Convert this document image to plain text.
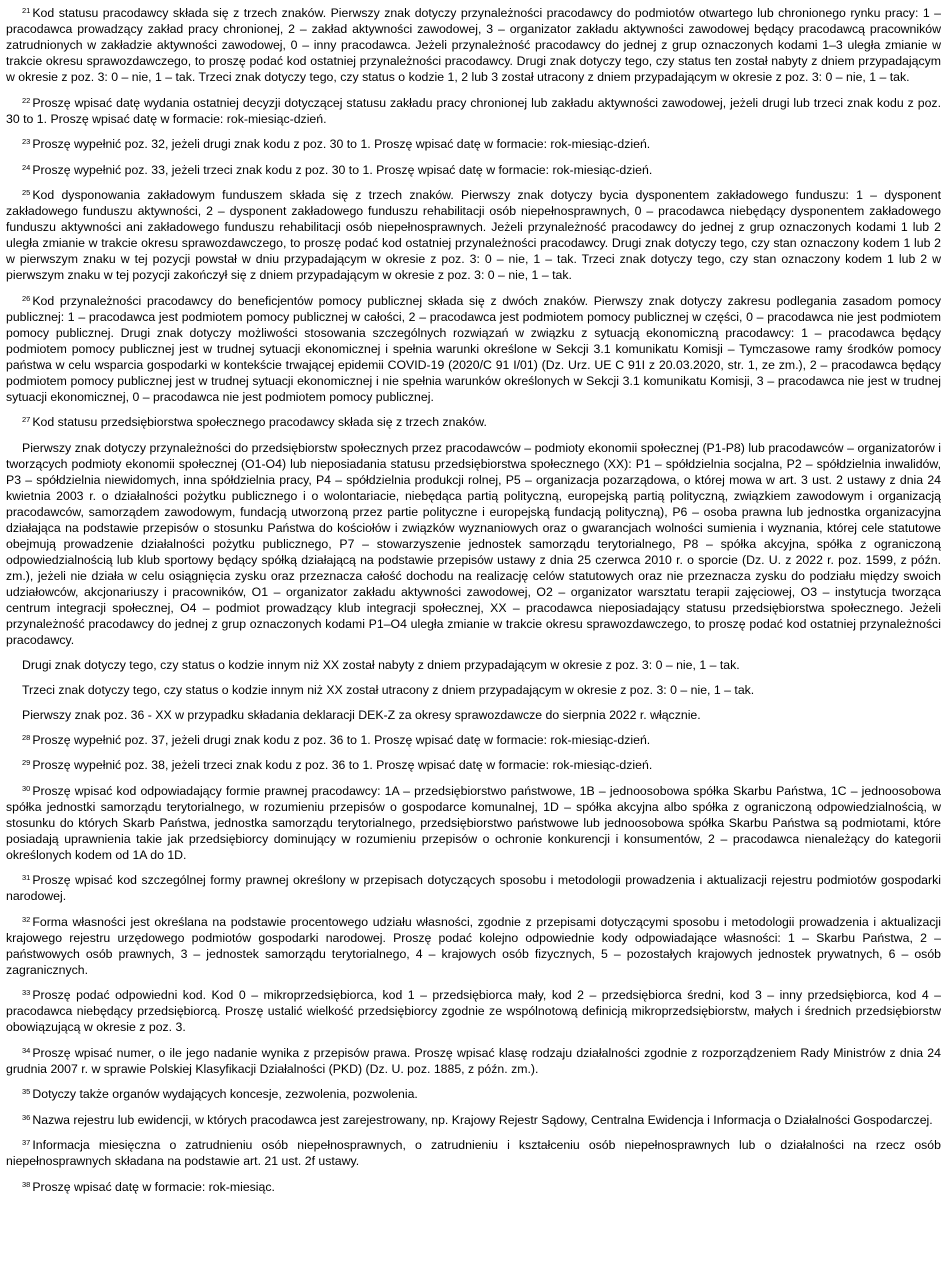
$^{21}$ Kod statusu pracodawcy składa się z trzech znaków. Pierwszy znak dotyczy przynależności pracodawcy do podmiotów otwartego lub chronionego rynku pracy: 1 – pracodawca prowadzący zakład pracy chronionej, 2 – zakład aktywności zawodowej, 3 – organizator zakładu aktywności zawodowej będący pracodawcą pracowników zatrudnionych w zakładzie aktywności zawodowej, 0 – inny pracodawca. Jeżeli przynależność pracodawcy do jednej z grup oznaczonych kodami 1–3 uległa zmianie w trakcie okresu sprawozdawczego, to proszę podać kod ostatniej przynależności pracodawcy. Drugi znak dotyczy tego, czy status ten został nabyty z dniem przypadającym w okresie z poz. 3: 0 – nie, 1 – tak. Trzeci znak dotyczy tego, czy status o kodzie 1, 2 lub 3 został utracony z dniem przypadającym w okresie z poz. 3: 0 – nie, 1 – tak.

$^{22}$ Proszę wpisać datę wydania ostatniej decyzji dotyczącej statusu zakładu pracy chronionej lub zakładu aktywności zawodowej, jeżeli drugi lub trzeci znak kodu z poz. 30 to 1. Proszę wpisać datę w formacie: rok-miesiąc-dzień.

$^{23}$ Proszę wypełnić poz. 32, jeżeli drugi znak kodu z poz. 30 to 1. Proszę wpisać datę w formacie: rok-miesiąc-dzień.

$^{24}$ Proszę wypełnić poz. 33, jeżeli trzeci znak kodu z poz. 30 to 1. Proszę wpisać datę w formacie: rok-miesiąc-dzień.

$^{25}$ Kod dysponowania zakładowym funduszem składa się z trzech znaków. Pierwszy znak dotyczy bycia dysponentem zakładowego funduszu: 1 – dysponent zakładowego funduszu aktywności, 2 – dysponent zakładowego funduszu rehabilitacji osób niepełnosprawnych, 0 – pracodawca niebędący dysponentem zakładowego funduszu aktywności ani zakładowego funduszu rehabilitacji osób niepełnosprawnych. Jeżeli przynależność pracodawcy do jednej z grup oznaczonych kodami 1 lub 2 uległa zmianie w trakcie okresu sprawozdawczego, to proszę podać kod ostatniej przynależności pracodawcy. Drugi znak dotyczy tego, czy stan oznaczony kodem 1 lub 2 w pierwszym znaku w tej pozycji powstał w dniu przypadającym w okresie z poz. 3: 0 – nie, 1 – tak. Trzeci znak dotyczy tego, czy stan oznaczony kodem 1 lub 2 w pierwszym znaku w tej pozycji zakończył się z dniem przypadającym w okresie z poz. 3: 0 – nie, 1 – tak.

$^{26}$ Kod przynależności pracodawcy do beneficjentów pomocy publicznej składa się z dwóch znaków. Pierwszy znak dotyczy zakresu podlegania zasadom pomocy publicznej: 1 – pracodawca jest podmiotem pomocy publicznej w całości, 2 – pracodawca jest podmiotem pomocy publicznej w części, 0 – pracodawca nie jest podmiotem pomocy publicznej. Drugi znak dotyczy możliwości stosowania szczególnych rozwiązań w związku z sytuacją ekonomiczną pracodawcy: 1 – pracodawca będący podmiotem pomocy publicznej jest w trudnej sytuacji ekonomicznej i spełnia warunki określone w Sekcji 3.1 komunikatu Komisji – Tymczasowe ramy środków pomocy państwa w celu wsparcia gospodarki w kontekście trwającej epidemii COVID-19 (2020/C 91 I/01) (Dz. Urz. UE C 91I z 20.03.2020, str. 1, ze zm.), 2 – pracodawca będący podmiotem pomocy publicznej jest w trudnej sytuacji ekonomicznej i nie spełnia warunków określonych w Sekcji 3.1 komunikatu Komisji, 3 – pracodawca nie jest w trudnej sytuacji ekonomicznej, 0 – pracodawca nie jest podmiotem pomocy publicznej.

$^{27}$ Kod statusu przedsiębiorstwa społecznego pracodawcy składa się z trzech znaków.

Pierwszy znak dotyczy przynależności do przedsiębiorstw społecznych przez pracodawców – podmioty ekonomii społecznej (P1-P8) lub pracodawców – organizatorów i tworzących podmioty ekonomii społecznej (O1-O4) lub nieposiadania statusu przedsiębiorstwa społecznego (XX): P1 – spółdzielnia socjalna, P2 – spółdzielnia inwalidów, P3 – spółdzielnia niewidomych, inna spółdzielnia pracy, P4 – spółdzielnia produkcji rolnej, P5 – organizacja pozarządowa, o której mowa w art. 3 ust. 2 ustawy z dnia 24 kwietnia 2003 r. o działalności pożytku publicznego i o wolontariacie, niebędąca partią polityczną, europejską partią polityczną, związkiem zawodowym i organizacją pracodawców, samorządem zawodowym, fundacją utworzoną przez partie polityczne i europejską fundacją polityczną), P6 – osoba prawna lub jednostka organizacyjna działająca na podstawie przepisów o stosunku Państwa do kościołów i związków wyznaniowych oraz o gwarancjach wolności sumienia i wyznania, której cele statutowe obejmują prowadzenie działalności pożytku publicznego, P7 – stowarzyszenie jednostek samorządu terytorialnego, P8 – spółka akcyjna, spółka z ograniczoną odpowiedzialnością lub klub sportowy będący spółką działającą na podstawie przepisów ustawy z dnia 25 czerwca 2010 r. o sporcie (Dz. U. z 2022 r. poz. 1599, z późn. zm.), jeżeli nie działa w celu osiągnięcia zysku oraz przeznacza całość dochodu na realizację celów statutowych oraz nie przeznacza zysku do podziału między swoich udziałowców, akcjonariuszy i pracowników, O1 – organizator zakładu aktywności zawodowej, O2 – organizator warsztatu terapii zajęciowej, O3 – instytucja tworząca centrum integracji społecznej, O4 – podmiot prowadzący klub integracji społecznej, XX – pracodawca nieposiadający statusu przedsiębiorstwa społecznego. Jeżeli przynależność pracodawcy do jednej z grup oznaczonych kodami P1–O4 uległa zmianie w trakcie okresu sprawozdawczego, to proszę podać kod ostatniej przynależności pracodawcy.

Drugi znak dotyczy tego, czy status o kodzie innym niż XX został nabyty z dniem przypadającym w okresie z poz. 3: 0 – nie, 1 – tak.

Trzeci znak dotyczy tego, czy status o kodzie innym niż XX został utracony z dniem przypadającym w okresie z poz. 3: 0 – nie, 1 – tak.

Pierwszy znak poz. 36 - XX w przypadku składania deklaracji DEK-Z za okresy sprawozdawcze do sierpnia 2022 r. włącznie.

$^{28}$ Proszę wypełnić poz. 37, jeżeli drugi znak kodu z poz. 36 to 1. Proszę wpisać datę w formacie: rok-miesiąc-dzień.

$^{29}$ Proszę wypełnić poz. 38, jeżeli trzeci znak kodu z poz. 36 to 1. Proszę wpisać datę w formacie: rok-miesiąc-dzień.

$^{30}$ Proszę wpisać kod odpowiadający formie prawnej pracodawcy: 1A – przedsiębiorstwo państwowe, 1B – jednoosobowa spółka Skarbu Państwa, 1C – jednoosobowa spółka jednostki samorządu terytorialnego, w rozumieniu przepisów o gospodarce komunalnej, 1D – spółka akcyjna albo spółka z ograniczoną odpowiedzialnością, w stosunku do których Skarb Państwa, jednostka samorządu terytorialnego, przedsiębiorstwo państwowe lub jednoosobowa spółka Skarbu Państwa są podmiotami, które posiadają uprawnienia takie jak przedsiębiorcy dominujący w rozumieniu przepisów o ochronie konkurencji i konsumentów, 2 – pracodawca nienależący do kategorii określonych kodem od 1A do 1D.

$^{31}$ Proszę wpisać kod szczególnej formy prawnej określony w przepisach dotyczących sposobu i metodologii prowadzenia i aktualizacji rejestru podmiotów gospodarki narodowej.

$^{32}$ Forma własności jest określana na podstawie procentowego udziału własności, zgodnie z przepisami dotyczącymi sposobu i metodologii prowadzenia i aktualizacji krajowego rejestru urzędowego podmiotów gospodarki narodowej. Proszę podać kolejno odpowiednie kody odpowiadające własności: 1 – Skarbu Państwa, 2 – państwowych osób prawnych, 3 – jednostek samorządu terytorialnego, 4 – krajowych osób fizycznych, 5 – pozostałych krajowych jednostek prywatnych, 6 – osób zagranicznych.

$^{33}$ Proszę podać odpowiedni kod. Kod 0 – mikroprzedsiębiorca, kod 1 – przedsiębiorca mały, kod 2 – przedsiębiorca średni, kod 3 – inny przedsiębiorca, kod 4 – pracodawca niebędący przedsiębiorcą. Proszę ustalić wielkość przedsiębiorcy zgodnie ze wspólnotową definicją mikroprzedsiębiorstw, małych i średnich przedsiębiorstw obowiązującą w okresie z poz. 3.

$^{34}$ Proszę wpisać numer, o ile jego nadanie wynika z przepisów prawa. Proszę wpisać klasę rodzaju działalności zgodnie z rozporządzeniem Rady Ministrów z dnia 24 grudnia 2007 r. w sprawie Polskiej Klasyfikacji Działalności (PKD) (Dz. U. poz. 1885, z późn. zm.).

$^{35}$ Dotyczy także organów wydających koncesje, zezwolenia, pozwolenia.

$^{36}$ Nazwa rejestru lub ewidencji, w których pracodawca jest zarejestrowany, np. Krajowy Rejestr Sądowy, Centralna Ewidencja i Informacja o Działalności Gospodarczej.

$^{37}$ Informacja miesięczna o zatrudnieniu osób niepełnosprawnych, o zatrudnieniu i kształceniu osób niepełnosprawnych lub o działalności na rzecz osób niepełnosprawnych składana na podstawie art. 21 ust. 2f ustawy.

$^{38}$ Proszę wpisać datę w formacie: rok-miesiąc.
